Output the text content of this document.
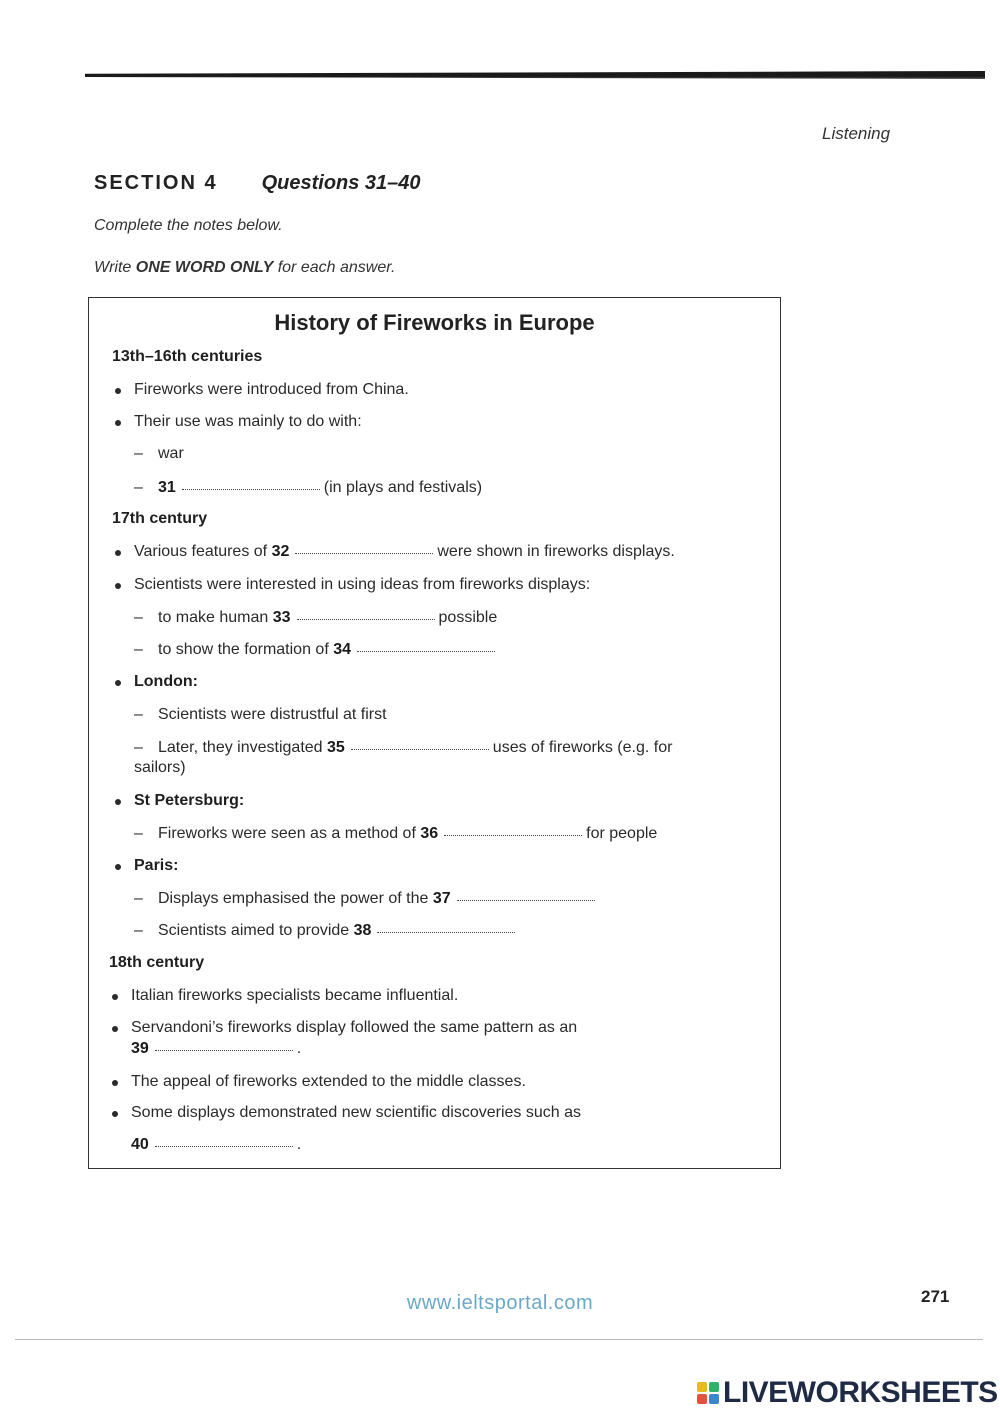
Listening
SECTION 4 Questions 31–40
Complete the notes below.
Write ONE WORD ONLY for each answer.
History of Fireworks in Europe
13th–16th centuries
Fireworks were introduced from China.
Their use was mainly to do with:
– war
– 31	(in plays and festivals)
17th century
Various features of 32	were shown in fireworks displays.
Scientists were interested in using ideas from fireworks displays:
– to make human 33	possible
– to show the formation of 34
London:
– Scientists were distrustful at first
– Later, they investigated 35	uses of fireworks (e.g. for
sailors)
St Petersburg:
– Fireworks were seen as a method of 36	for people
Paris:
– Displays emphasised the power of the 37
– Scientists aimed to provide 38
18th century
Italian fireworks specialists became influential.
Servandoni’s fireworks display followed the same pattern as an
39	.
The appeal of fireworks extended to the middle classes.
Some displays demonstrated new scientific discoveries such as
40	.
www.ieltsportal.com	271
LIVEWORKSHEETS
